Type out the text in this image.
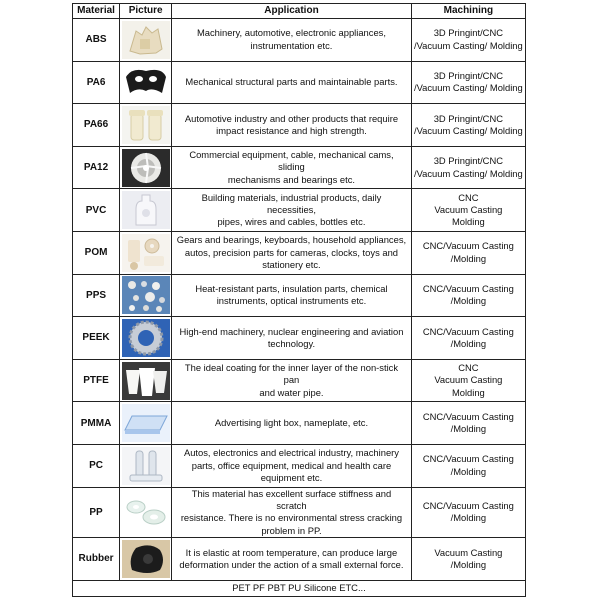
Material	Picture	Application	Machining
ABS		Machinery, automotive, electronic appliances,
instrumentation etc.	3D Pringint/CNC
/Vacuum Casting/ Molding

PA6		Mechanical structural parts and maintainable parts.	3D Pringint/CNC
/Vacuum Casting/ Molding

PA66		Automotive industry and other products that require
impact resistance and high strength.	3D Pringint/CNC
/Vacuum Casting/ Molding

PA12		Commercial equipment, cable, mechanical cams, sliding
mechanisms and bearings etc.	3D Pringint/CNC
/Vacuum Casting/ Molding

PVC		Building materials, industrial products, daily necessities,
pipes, wires and cables, bottles etc.	CNC
Vacuum Casting
Molding

POM		Gears and bearings, keyboards, household appliances,
autos, precision parts for cameras, clocks, toys and
stationery etc.	CNC/Vacuum Casting
/Molding

PPS		Heat-resistant parts, insulation parts, chemical
instruments, optical instruments etc.	CNC/Vacuum Casting
/Molding

PEEK		High-end machinery, nuclear engineering and aviation
technology.	CNC/Vacuum Casting
/Molding

PTFE		The ideal coating for the inner layer of the non-stick pan
and water pipe.	CNC
Vacuum Casting
Molding

PMMA		Advertising light box, nameplate, etc.	CNC/Vacuum Casting
/Molding

PC		Autos, electronics and electrical industry, machinery
parts, office equipment, medical and health care
equipment etc.	CNC/Vacuum Casting
/Molding

PP		This material has excellent surface stiffness and scratch
resistance. There is no environmental stress cracking
problem in PP.	CNC/Vacuum Casting
/Molding

Rubber		It is elastic at room temperature, can produce large
deformation under the action of a small external force.	Vacuum Casting
/Molding

PET PF PBT PU Silicone ETC...			
